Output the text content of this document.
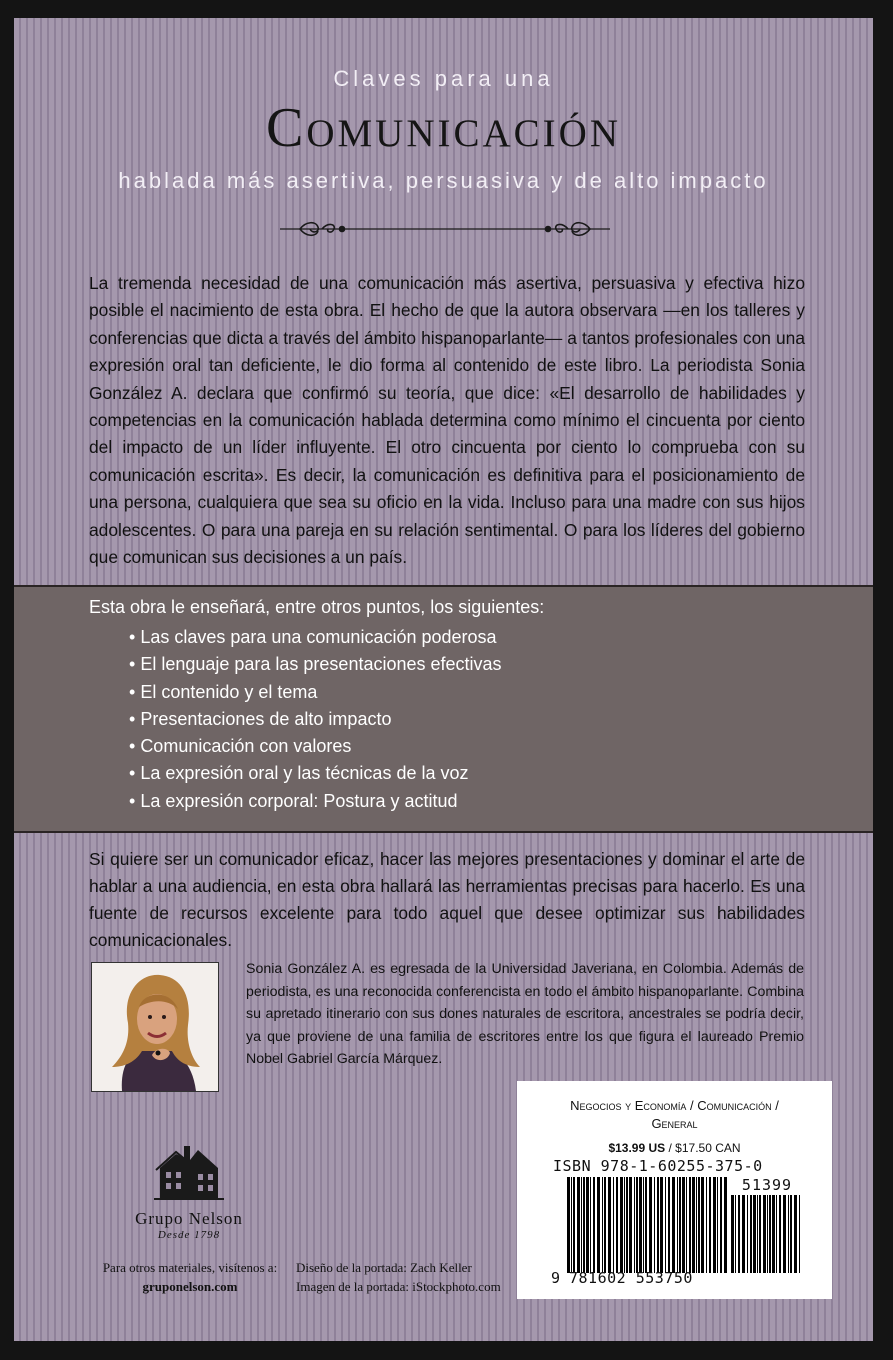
Claves para una
Comunicación
hablada más asertiva, persuasiva y de alto impacto
La tremenda necesidad de una comunicación más asertiva, persuasiva y efectiva hizo posible el nacimiento de esta obra. El hecho de que la autora observara —en los talleres y conferencias que dicta a través del ámbito hispanoparlante— a tantos profesionales con una expresión oral tan deficiente, le dio forma al contenido de este libro. La periodista Sonia González A. declara que confirmó su teoría, que dice: «El desarrollo de habilidades y competencias en la comunicación hablada determina como mínimo el cincuenta por ciento del impacto de un líder influyente. El otro cincuenta por ciento lo comprueba con su comunicación escrita». Es decir, la comunicación es definitiva para el posicionamiento de una persona, cualquiera que sea su oficio en la vida. Incluso para una madre con sus hijos adolescentes. O para una pareja en su relación sentimental. O para los líderes del gobierno que comunican sus decisiones a un país.
Esta obra le enseñará, entre otros puntos, los siguientes:
• Las claves para una comunicación poderosa
• El lenguaje para las presentaciones efectivas
• El contenido y el tema
• Presentaciones de alto impacto
• Comunicación con valores
• La expresión oral y las técnicas de la voz
• La expresión corporal: Postura y actitud
Si quiere ser un comunicador eficaz, hacer las mejores presentaciones y dominar el arte de hablar a una audiencia, en esta obra hallará las herramientas precisas para hacerlo. Es una fuente de recursos excelente para todo aquel que desee optimizar sus habilidades comunicacionales.
Sonia González A. es egresada de la Universidad Javeriana, en Colombia. Además de periodista, es una reconocida conferencista en todo el ámbito hispanoparlante. Combina su apretado itinerario con sus dones naturales de escritora, ancestrales se podría decir, ya que proviene de una familia de escritores entre los que figura el laureado Premio Nobel Gabriel García Márquez.
Grupo Nelson
Desde 1798
Para otros materiales, visítenos a:
gruponelson.com
Diseño de la portada: Zach Keller
Imagen de la portada: iStockphoto.com
Negocios y Economía / Comunicación /
General
$13.99 US / $17.50 CAN
ISBN 978-1-60255-375-0
51399
9 781602 553750
